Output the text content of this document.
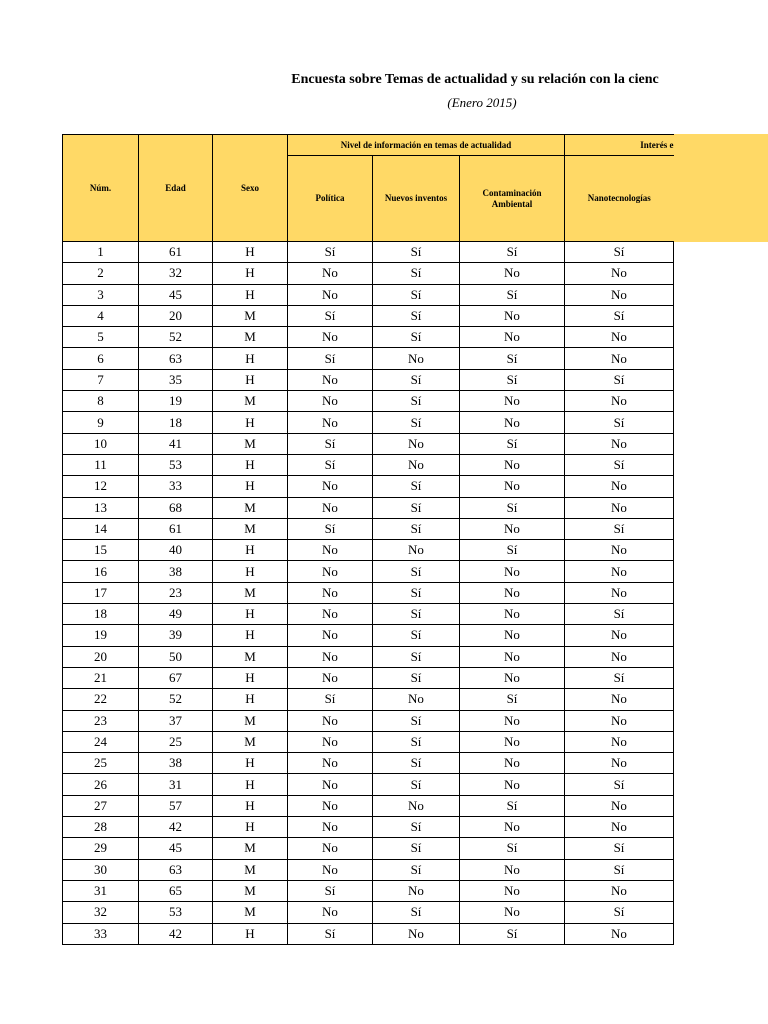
Encuesta sobre Temas de actualidad y su relación con la cienc
(Enero 2015)
Núm.	Edad	Sexo	Nivel de información en temas de actualidad			Interés e
			Política	Nuevos inventos	Contaminación Ambiental	Nanotecnologías
1	61	H	Sí	Sí	Sí	Sí
2	32	H	No	Sí	No	No
3	45	H	No	Sí	Sí	No
4	20	M	Sí	Sí	No	Sí
5	52	M	No	Sí	No	No
6	63	H	Sí	No	Sí	No
7	35	H	No	Sí	Sí	Sí
8	19	M	No	Sí	No	No
9	18	H	No	Sí	No	Sí
10	41	M	Sí	No	Sí	No
11	53	H	Sí	No	No	Sí
12	33	H	No	Sí	No	No
13	68	M	No	Sí	Sí	No
14	61	M	Sí	Sí	No	Sí
15	40	H	No	No	Sí	No
16	38	H	No	Sí	No	No
17	23	M	No	Sí	No	No
18	49	H	No	Sí	No	Sí
19	39	H	No	Sí	No	No
20	50	M	No	Sí	No	No
21	67	H	No	Sí	No	Sí
22	52	H	Sí	No	Sí	No
23	37	M	No	Sí	No	No
24	25	M	No	Sí	No	No
25	38	H	No	Sí	No	No
26	31	H	No	Sí	No	Sí
27	57	H	No	No	Sí	No
28	42	H	No	Sí	No	No
29	45	M	No	Sí	Sí	Sí
30	63	M	No	Sí	No	Sí
31	65	M	Sí	No	No	No
32	53	M	No	Sí	No	Sí
33	42	H	Sí	No	Sí	No
